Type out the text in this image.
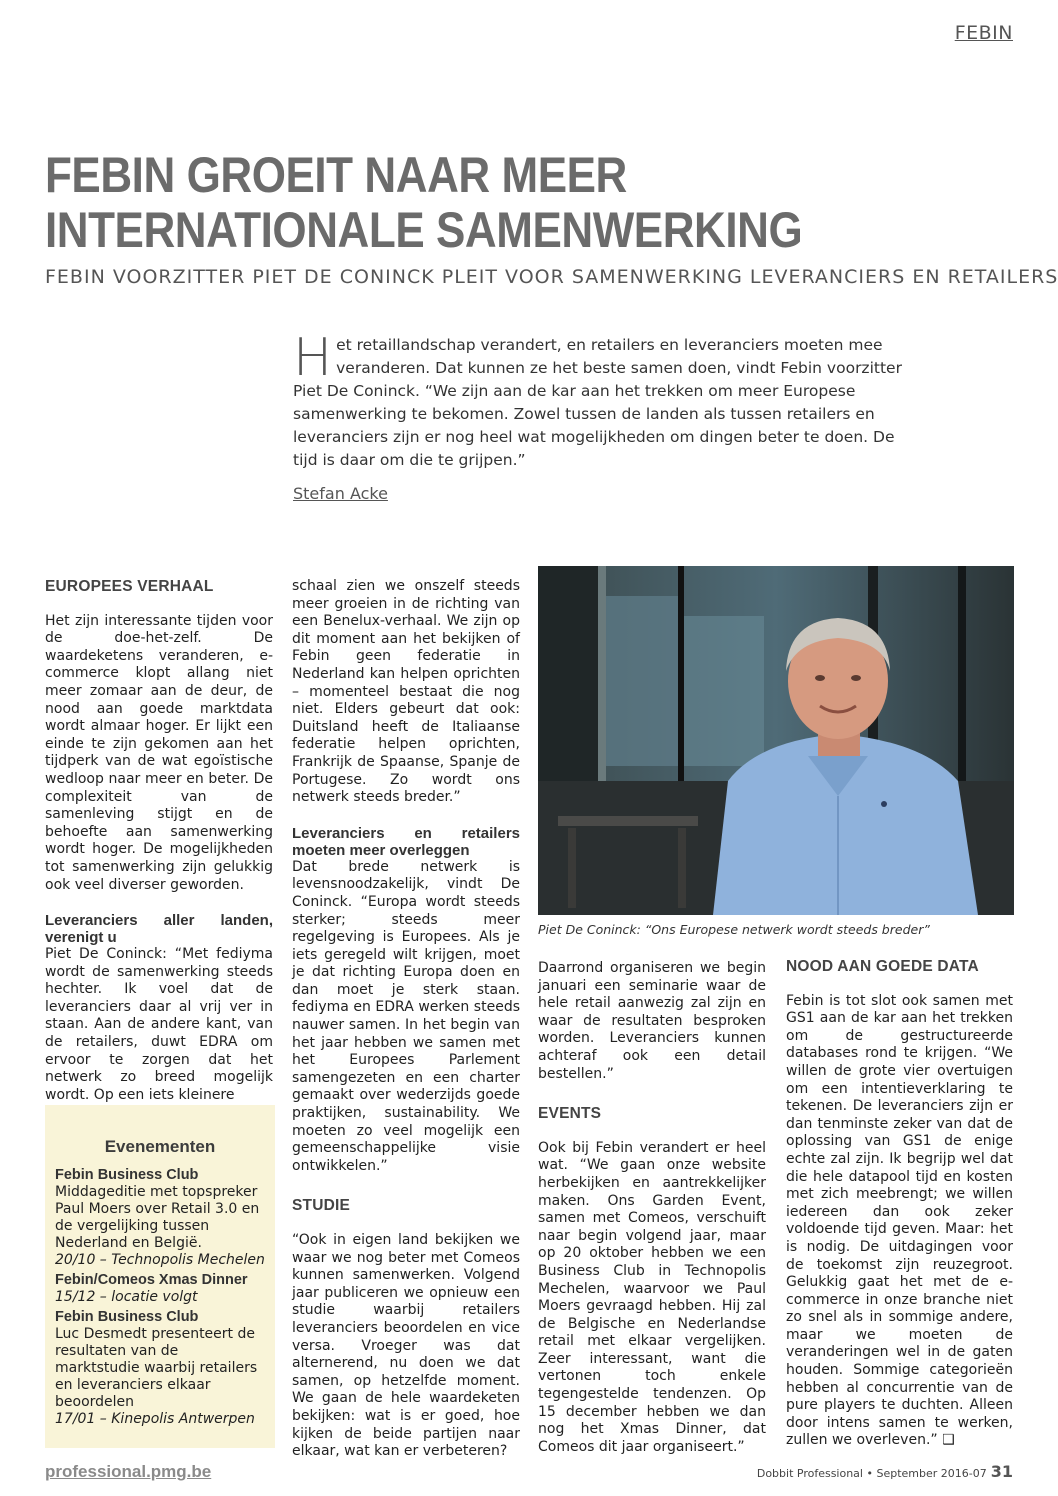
FEBIN
FEBIN GROEIT NAAR MEER
INTERNATIONALE SAMENWERKING
FEBIN VOORZITTER PIET DE CONINCK PLEIT VOOR SAMENWERKING LEVERANCIERS EN RETAILERS
Het retaillandschap verandert, en retailers en leveranciers moeten mee veranderen. Dat kunnen ze het beste samen doen, vindt Febin voorzitter Piet De Coninck. “We zijn aan de kar aan het trekken om meer Europese samenwerking te bekomen. Zowel tussen de landen als tussen retailers en leveranciers zijn er nog heel wat mogelijkheden om dingen beter te doen. De tijd is daar om die te grijpen.”
Stefan Acke
EUROPEES VERHAAL

Het zijn interessante tijden voor de doe-het-zelf. De waardeketens veranderen, e-commerce klopt allang niet meer zomaar aan de deur, de nood aan goede marktdata wordt almaar hoger. Er lijkt een einde te zijn gekomen aan het tijdperk van de wat egoïstische wedloop naar meer en beter. De complexiteit van de samenleving stijgt en de behoefte aan samenwerking wordt hoger. De mogelijkheden tot samenwerking zijn gelukkig ook veel diverser geworden.

Leveranciers aller landen, verenigt u

Piet De Coninck: “Met fediyma wordt de samenwerking steeds hechter. Ik voel dat de leveranciers daar al vrij ver in staan. Aan de andere kant, van de retailers, duwt EDRA om ervoor te zorgen dat het netwerk zo breed mogelijk wordt. Op een iets kleinere

schaal zien we onszelf steeds meer groeien in de richting van een Benelux-verhaal. We zijn op dit moment aan het bekijken of Febin geen federatie in Nederland kan helpen oprichten – momenteel bestaat die nog niet. Elders gebeurt dat ook: Duitsland heeft de Italiaanse federatie helpen oprichten, Frankrijk de Spaanse, Spanje de Portugese. Zo wordt ons netwerk steeds breder.”

Leveranciers en retailers moeten meer overleggen

Dat brede netwerk is levensnoodzakelijk, vindt De Coninck. “Europa wordt steeds sterker; steeds meer regelgeving is Europees. Als je iets geregeld wilt krijgen, moet je dat richting Europa doen en dan moet je sterk staan. fediyma en EDRA werken steeds nauwer samen. In het begin van het jaar hebben we samen met het Europees Parlement samengezeten en een charter gemaakt over wederzijds goede praktijken, sustainability. We moeten zo veel mogelijk een gemeenschappelijke visie ontwikkelen.”

STUDIE

“Ook in eigen land bekijken we waar we nog beter met Comeos kunnen samenwerken. Volgend jaar publiceren we opnieuw een studie waarbij retailers leveranciers beoordelen en vice versa. Vroeger was dat alternerend, nu doen we dat samen, op hetzelfde moment. We gaan de hele waardeketen bekijken: wat is er goed, hoe kijken de beide partijen naar elkaar, wat kan er verbeteren?

Piet De Coninck: “Ons Europese netwerk wordt steeds breder”

Daarrond organiseren we begin januari een seminarie waar de hele retail aanwezig zal zijn en waar de resultaten besproken worden. Leveranciers kunnen achteraf ook een detail bestellen.”

EVENTS

Ook bij Febin verandert er heel wat. “We gaan onze website herbekijken en aantrekkelijker maken. Ons Garden Event, samen met Comeos, verschuift naar begin volgend jaar, maar op 20 oktober hebben we een Business Club in Technopolis Mechelen, waarvoor we Paul Moers gevraagd hebben. Hij zal de Belgische en Nederlandse retail met elkaar vergelijken. Zeer interessant, want die vertonen toch enkele tegengestelde tendenzen. Op 15 december hebben we dan nog het Xmas Dinner, dat Comeos dit jaar organiseert.”

NOOD AAN GOEDE DATA

Febin is tot slot ook samen met GS1 aan de kar aan het trekken om de gestructureerde databases rond te krijgen. “We willen de grote vier overtuigen om een intentieverklaring te tekenen. De leveranciers zijn er dan tenminste zeker van dat de oplossing van GS1 de enige echte zal zijn. Ik begrijp wel dat die hele datapool tijd en kosten met zich meebrengt; we willen iedereen dan ook zeker voldoende tijd geven. Maar: het is nodig. De uitdagingen voor de toekomst zijn reuzegroot. Gelukkig gaat het met de e-commerce in onze branche niet zo snel als in sommige andere, maar we moeten de veranderingen wel in de gaten houden. Sommige categorieën hebben al concurrentie van de pure players te duchten. Alleen door intens samen te werken, zullen we overleven.” ❑

Evenementen
Febin Business Club
Middageditie met topspreker Paul Moers over Retail 3.0 en de vergelijking tussen Nederland en België.
20/10 – Technopolis Mechelen
Febin/Comeos Xmas Dinner
15/12 – locatie volgt
Febin Business Club
Luc Desmedt presenteert de resultaten van de marktstudie waarbij retailers en leveranciers elkaar beoordelen
17/01 – Kinepolis Antwerpen
professional.pmg.be	Dobbit Professional • September 2016-07 31
